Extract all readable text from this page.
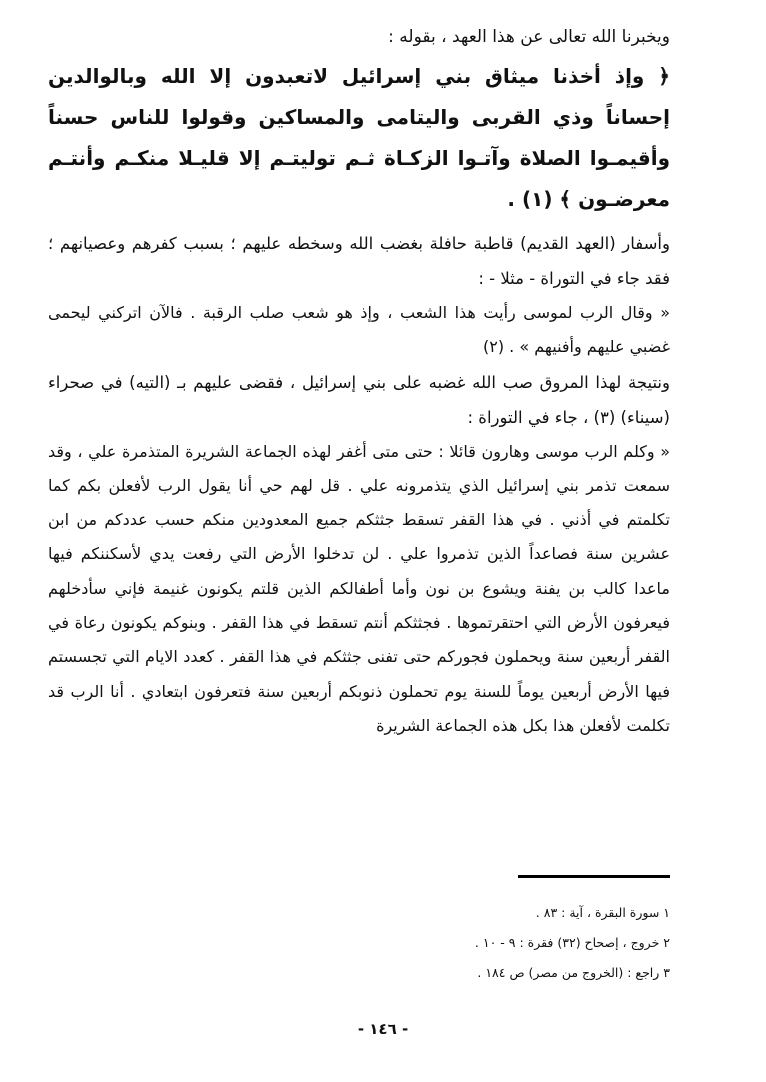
ويخبرنا الله تعالى عن هذا العهد ، بقوله :

﴿ وإذ أخذنا ميثاق بني إسرائيل لاتعبدون إلا الله وبالوالدين إحساناً وذي القربى واليتامى والمساكين وقولوا للناس حسناً وأقيمـوا الصلاة وآتـوا الزكـاة ثـم توليتـم إلا قليـلا منكـم وأنتـم معرضـون ﴾ (١) .

وأسفار (العهد القديم) قاطبة حافلة بغضب الله وسخطه عليهم ؛ بسبب كفرهم وعصيانهم ؛ فقد جاء في التوراة - مثلا - :

« وقال الرب لموسى رأيت هذا الشعب ، وإذ هو شعب صلب الرقبة . فالآن اتركني ليحمى غضبي عليهم وأفنيهم » . (٢)

ونتيجة لهذا المروق صب الله غضبه على بني إسرائيل ، فقضى عليهم بـ (التيه) في صحراء (سيناء) (٣) ، جاء في التوراة :

« وكلم الرب موسى وهارون قائلا : حتى متى أغفر لهذه الجماعة الشريرة المتذمرة علي ، وقد سمعت تذمر بني إسرائيل الذي يتذمرونه علي . قل لهم حي أنا يقول الرب لأفعلن بكم كما تكلمتم في أذني . في هذا القفر تسقط جثثكم جميع المعدودين منكم حسب عددكم من ابن عشرين سنة فصاعداً الذين تذمروا علي . لن تدخلوا الأرض التي رفعت يدي لأسكننكم فيها ماعدا كالب بن يفنة ويشوع بن نون وأما أطفالكم الذين قلتم يكونون غنيمة فإني سأدخلهم فيعرفون الأرض التي احتقرتموها . فجثثكم أنتم تسقط في هذا القفر . وبنوكم يكونون رعاة في القفر أربعين سنة ويحملون فجوركم حتى تفنى جثثكم في هذا القفر . كعدد الايام التي تجسستم فيها الأرض أربعين يوماً للسنة يوم تحملون ذنوبكم أربعين سنة فتعرفون ابتعادي . أنا الرب قد تكلمت لأفعلن هذا بكل هذه الجماعة الشريرة

١ سورة البقرة ، آية : ٨٣ .
٢ خروج ، إصحاح (٣٢) فقرة : ٩ - ١٠ .
٣ راجع : (الخروج من مصر) ص ١٨٤ .
- ١٤٦ -
